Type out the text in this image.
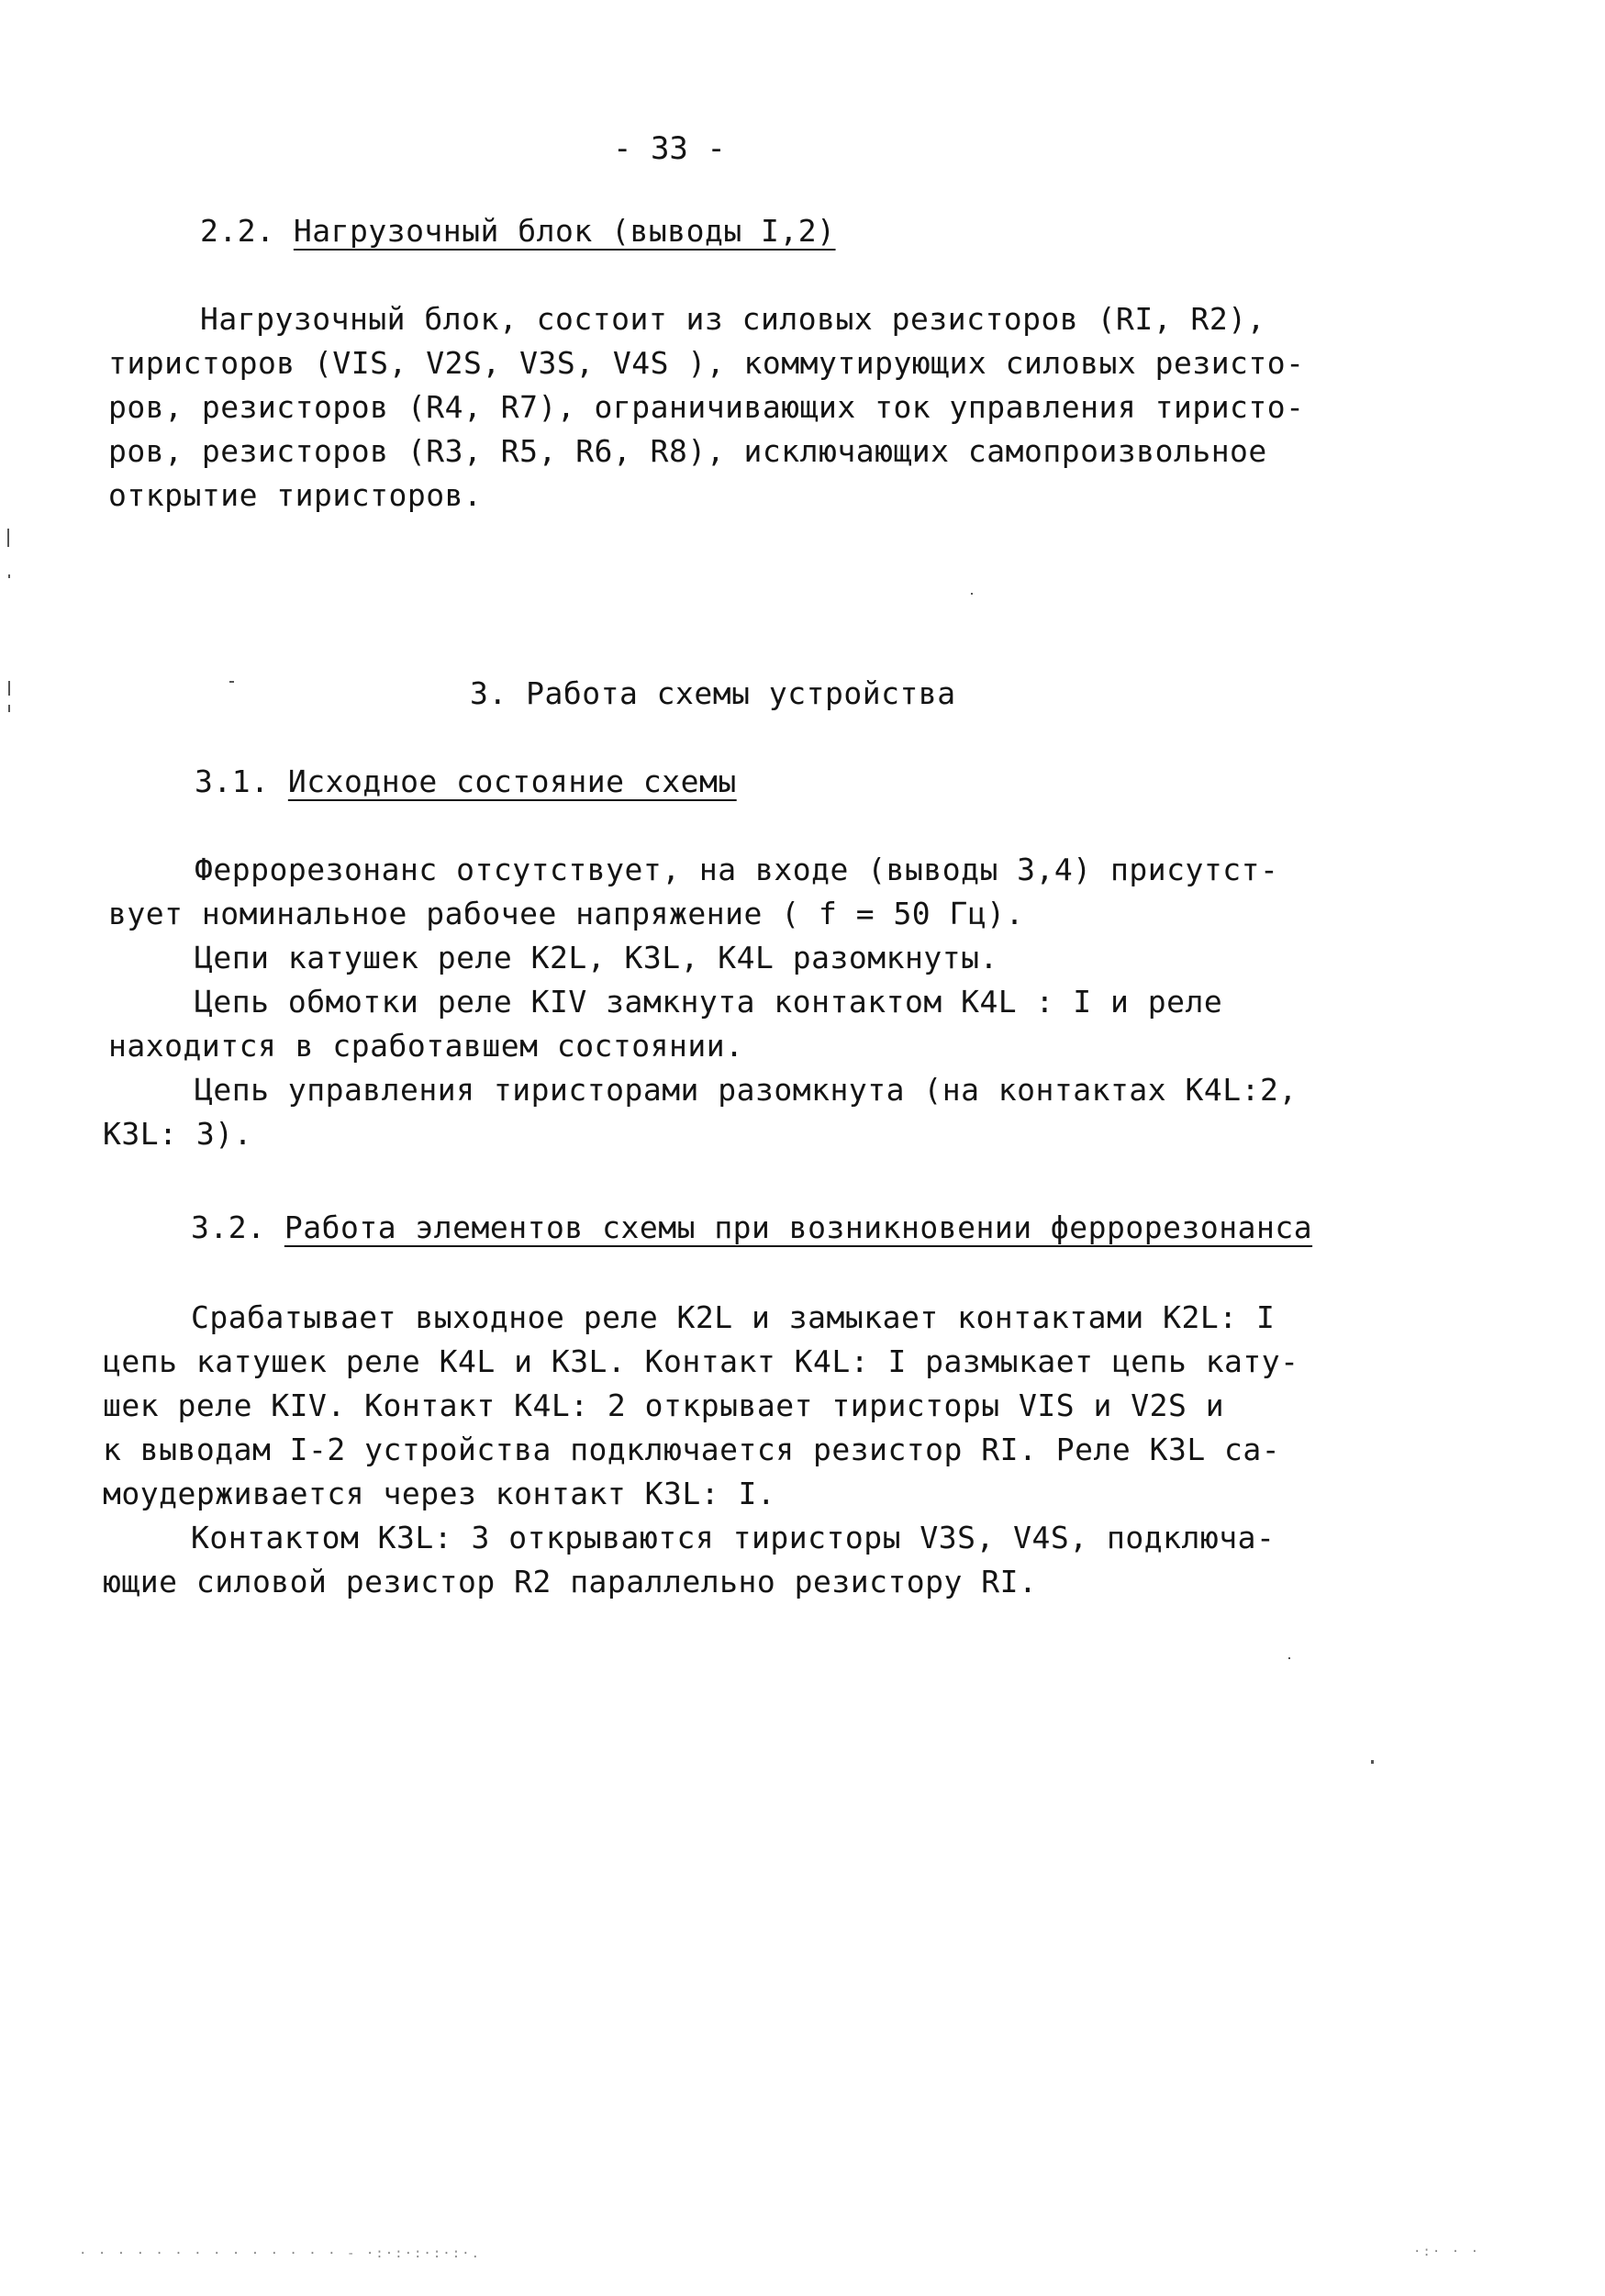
- 33 -
2.2. Нагрузочный блок (выводы I,2)
Нагрузочный блок, состоит из силовых резисторов (RI, R2),
тиристоров (VIS, V2S, V3S, V4S ), коммутирующих силовых резисто-
ров, резисторов (R4, R7), ограничивающих ток управления тиристо-
ров, резисторов (R3, R5, R6, R8), исключающих самопроизвольное
открытие тиристоров.
3. Работа схемы устройства
3.1. Исходное состояние схемы
Феррорезонанс отсутствует, на входе (выводы 3,4) присутст-
вует номинальное рабочее напряжение ( f = 50 Гц).
Цепи катушек реле K2L, K3L, K4L разомкнуты.
Цепь обмотки реле KIV замкнута контактом K4L : I и реле
находится в сработавшем состоянии.
Цепь управления тиристорами разомкнута (на контактах K4L:2,
K3L: 3).
3.2. Работа элементов схемы при возникновении феррорезонанса
Срабатывает выходное реле K2L и замыкает контактами K2L: I
цепь катушек реле K4L и K3L. Контакт K4L: I размыкает цепь кату-
шек реле KIV. Контакт K4L: 2 открывает тиристоры VIS и V2S и
к выводам I-2 устройства подключается резистор RI. Реле K3L са-
моудерживается через контакт K3L: I.
Контактом K3L: 3 открываются тиристоры V3S, V4S, подключа-
ющие силовой резистор R2 параллельно резистору RI.
· · · · · · · · · · · · · · - ·:·:·:·:·:·.	·:· · ·
